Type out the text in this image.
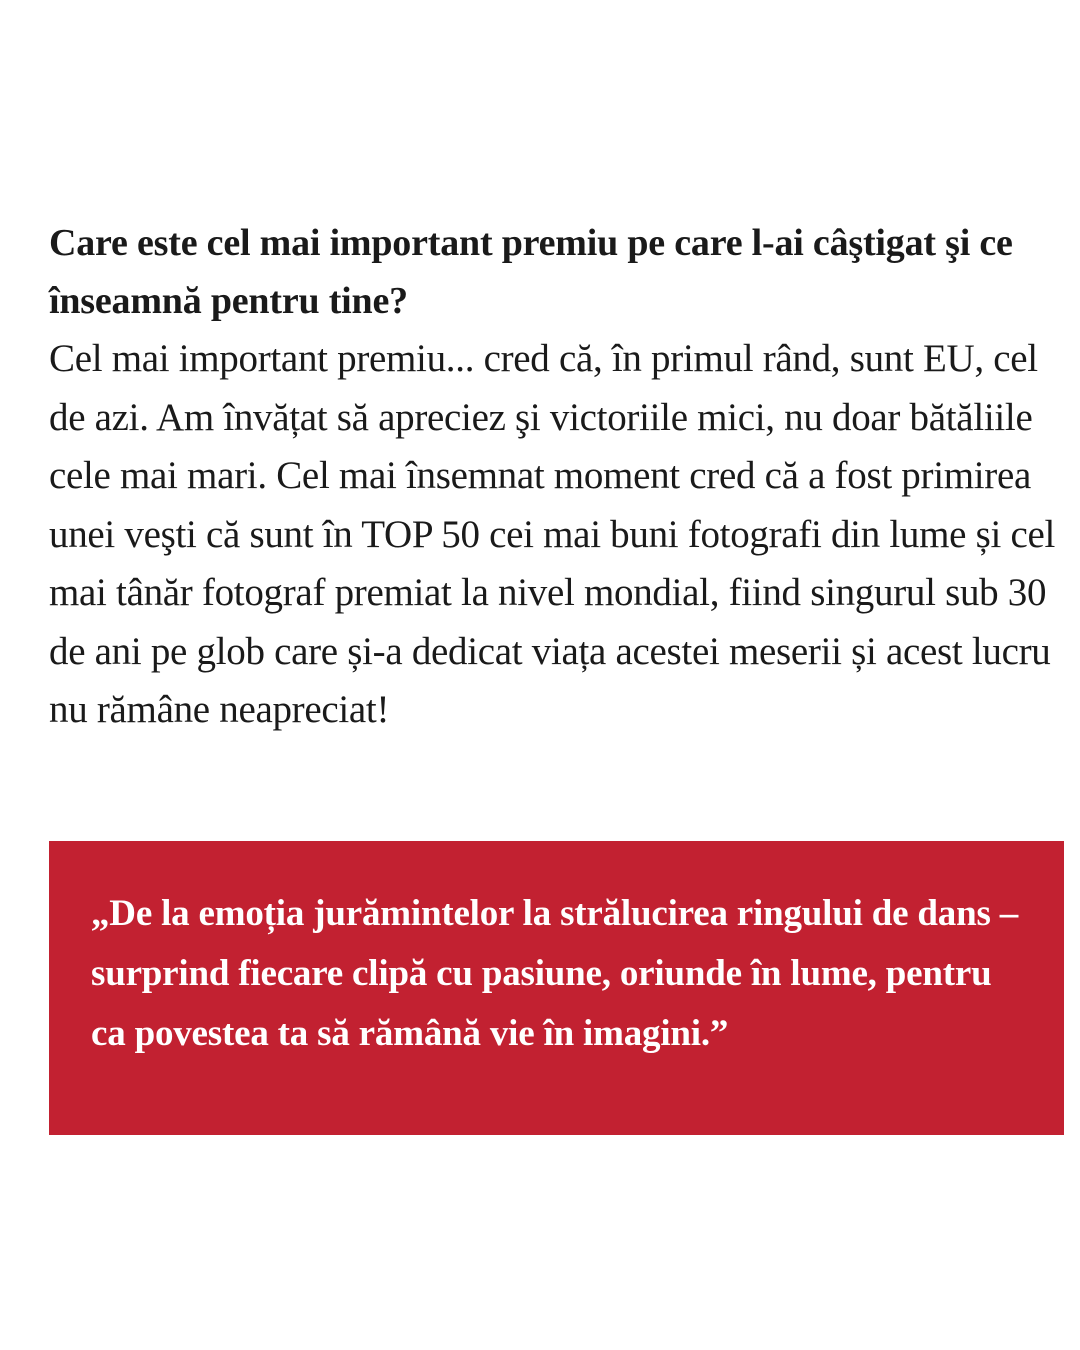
Care este cel mai important premiu pe care l-ai câştigat şi ce înseamnă pentru tine?

Cel mai important premiu... cred că, în primul rând, sunt EU, cel de azi. Am învățat să apreciez şi victoriile mici, nu doar bătăliile cele mai mari. Cel mai însemnat moment cred că a fost primirea unei veşti că sunt în TOP 50 cei mai buni fotografi din lume și cel mai tânăr fotograf premiat la nivel mondial, fiind singurul sub 30 de ani pe glob care și-a dedicat viața acestei meserii și acest lucru nu rămâne neapreciat!

„De la emoția jurămintelor la strălucirea ringului de dans – surprind fiecare clipă cu pasiune, oriunde în lume, pentru ca povestea ta să rămână vie în imagini.”
